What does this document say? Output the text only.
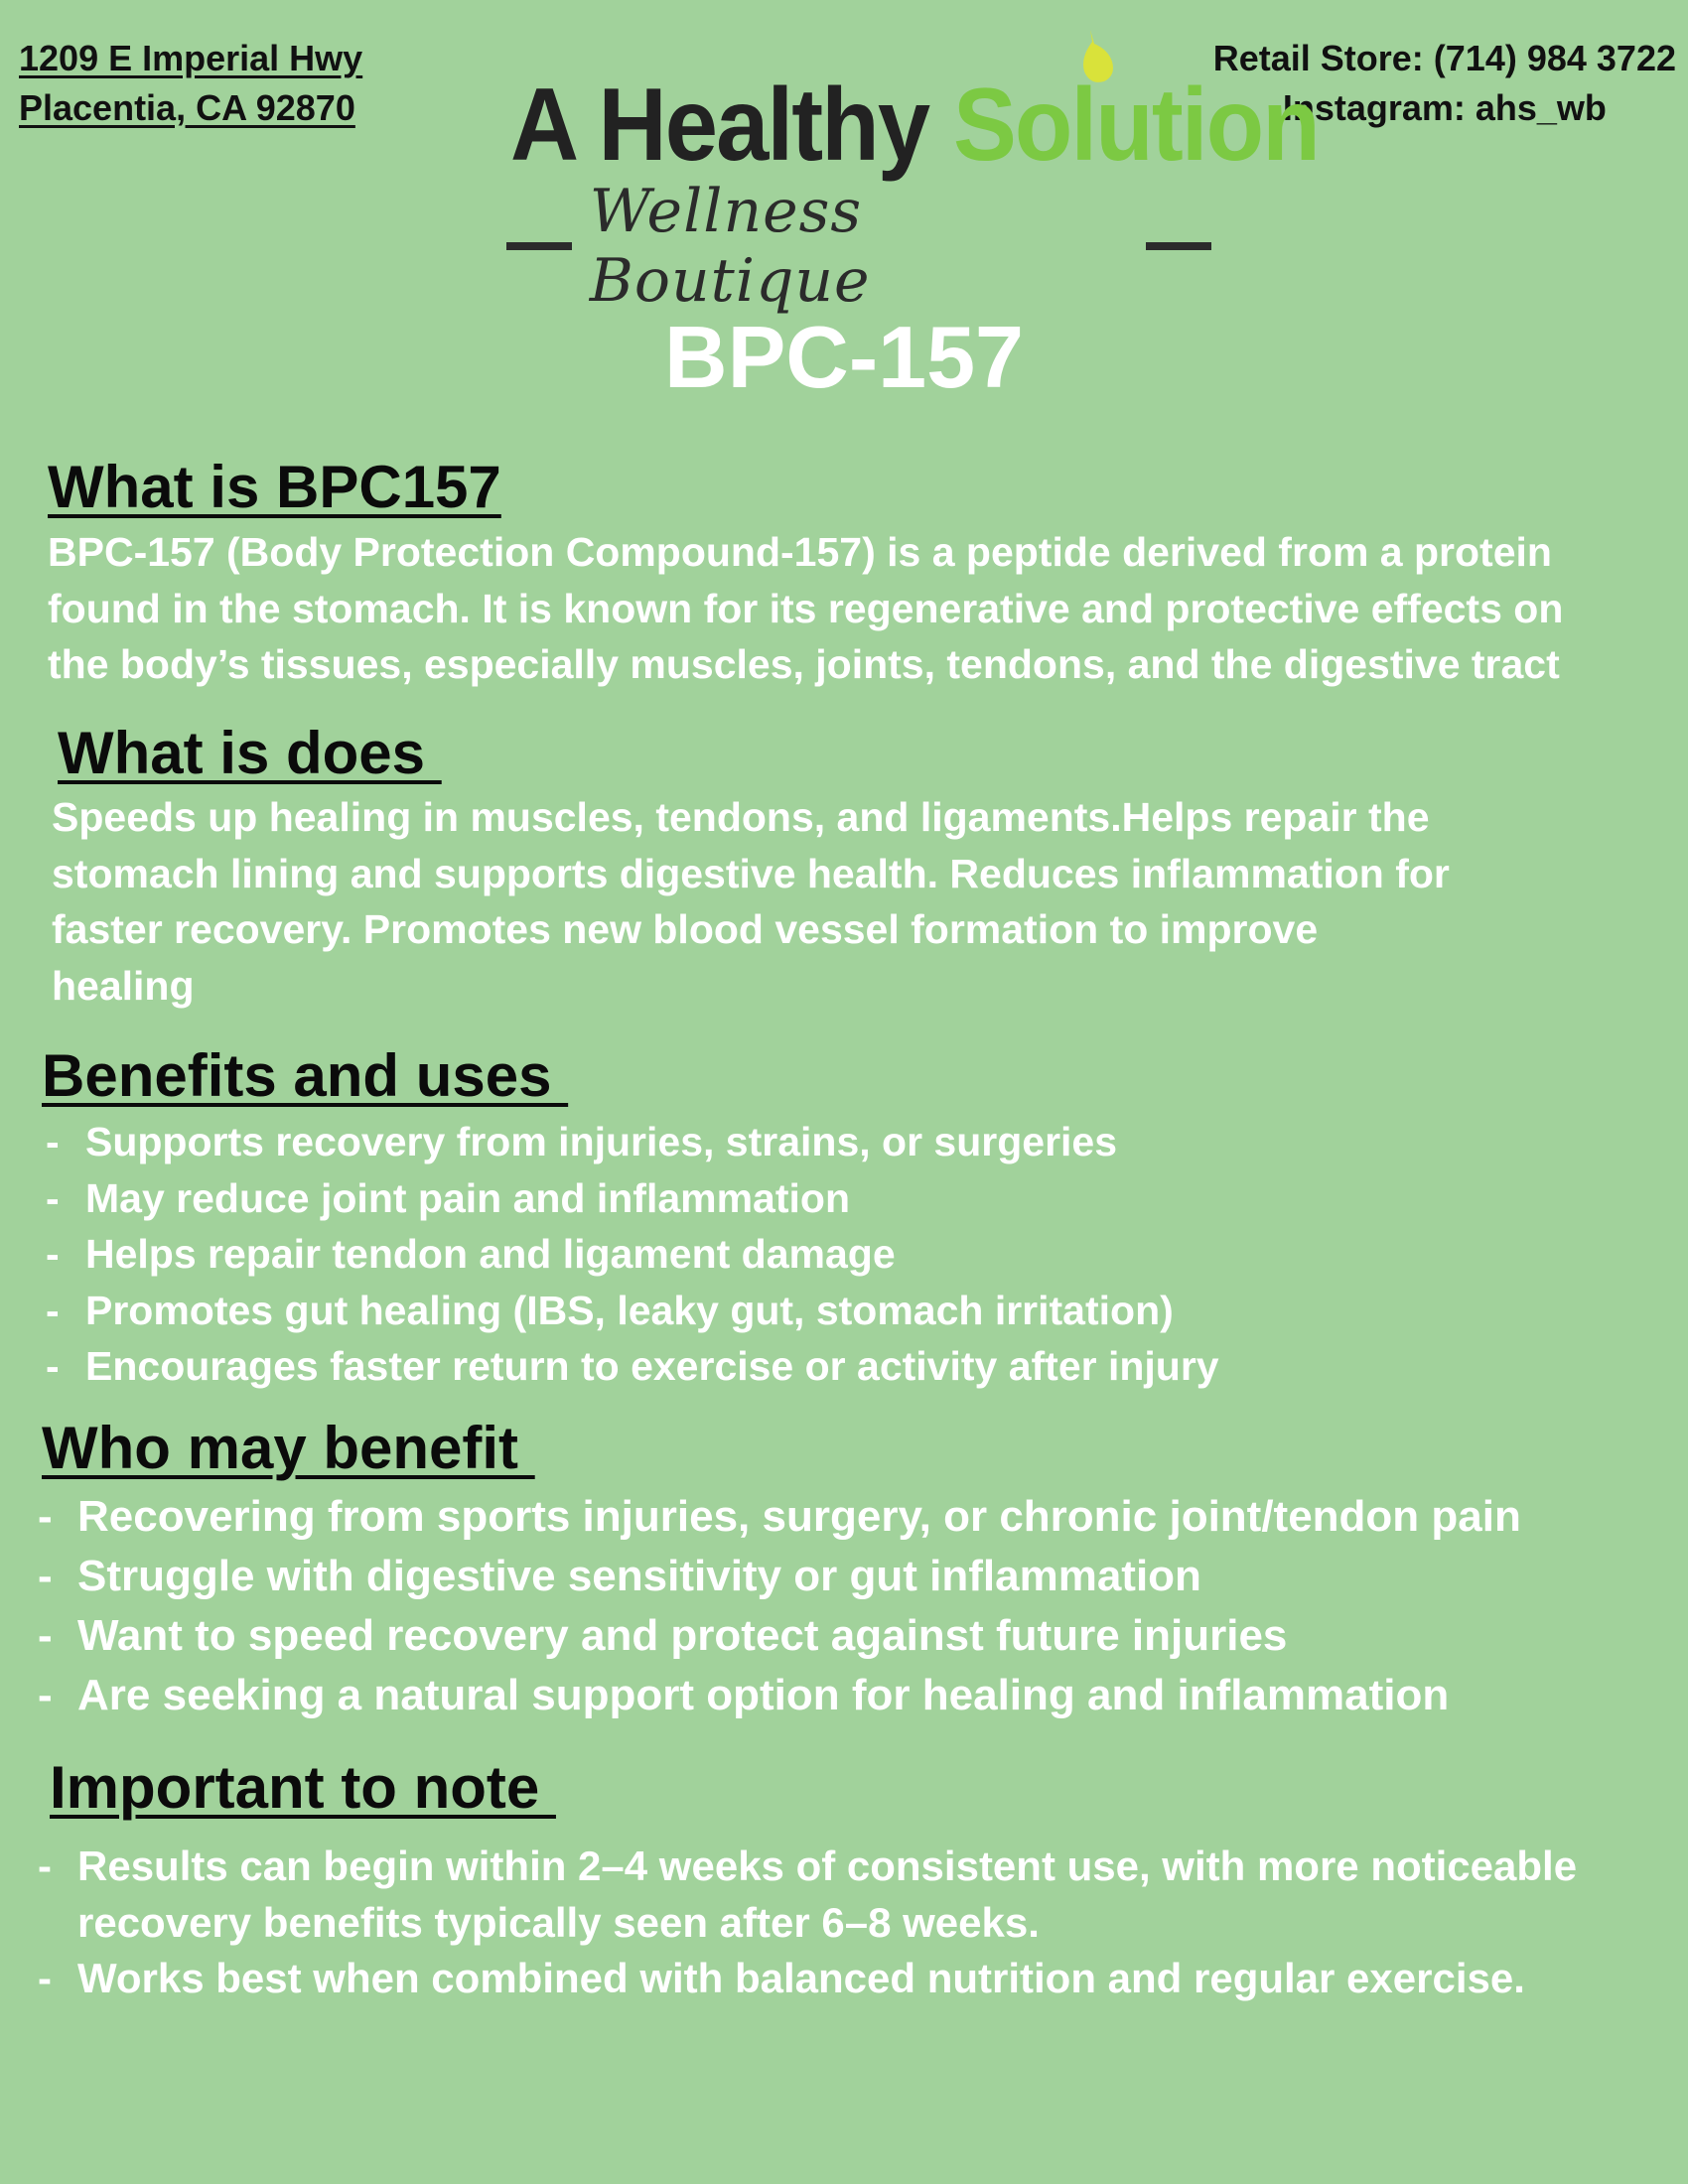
1209 E Imperial Hwy
Placentia, CA 92870
Retail Store: (714) 984 3722
Instagram: ahs_wb
A Healthy Solution
Wellness Boutique
BPC-157
What is BPC157
BPC-157 (Body Protection Compound-157) is a peptide derived from a protein
found in the stomach. It is known for its regenerative and protective effects on
the body’s tissues, especially muscles, joints, tendons, and the digestive tract
What is does
Speeds up healing in muscles, tendons, and ligaments.Helps repair the
stomach lining and supports digestive health. Reduces inflammation for
faster recovery. Promotes new blood vessel formation to improve
healing
Benefits and uses
- Supports recovery from injuries, strains, or surgeries
- May reduce joint pain and inflammation
- Helps repair tendon and ligament damage
- Promotes gut healing (IBS, leaky gut, stomach irritation)
- Encourages faster return to exercise or activity after injury
Who may benefit
- Recovering from sports injuries, surgery, or chronic joint/tendon pain
- Struggle with digestive sensitivity or gut inflammation
- Want to speed recovery and protect against future injuries
- Are seeking a natural support option for healing and inflammation
Important to note
- Results can begin within 2–4 weeks of consistent use, with more noticeable recovery benefits typically seen after 6–8 weeks.
- Works best when combined with balanced nutrition and regular exercise.
